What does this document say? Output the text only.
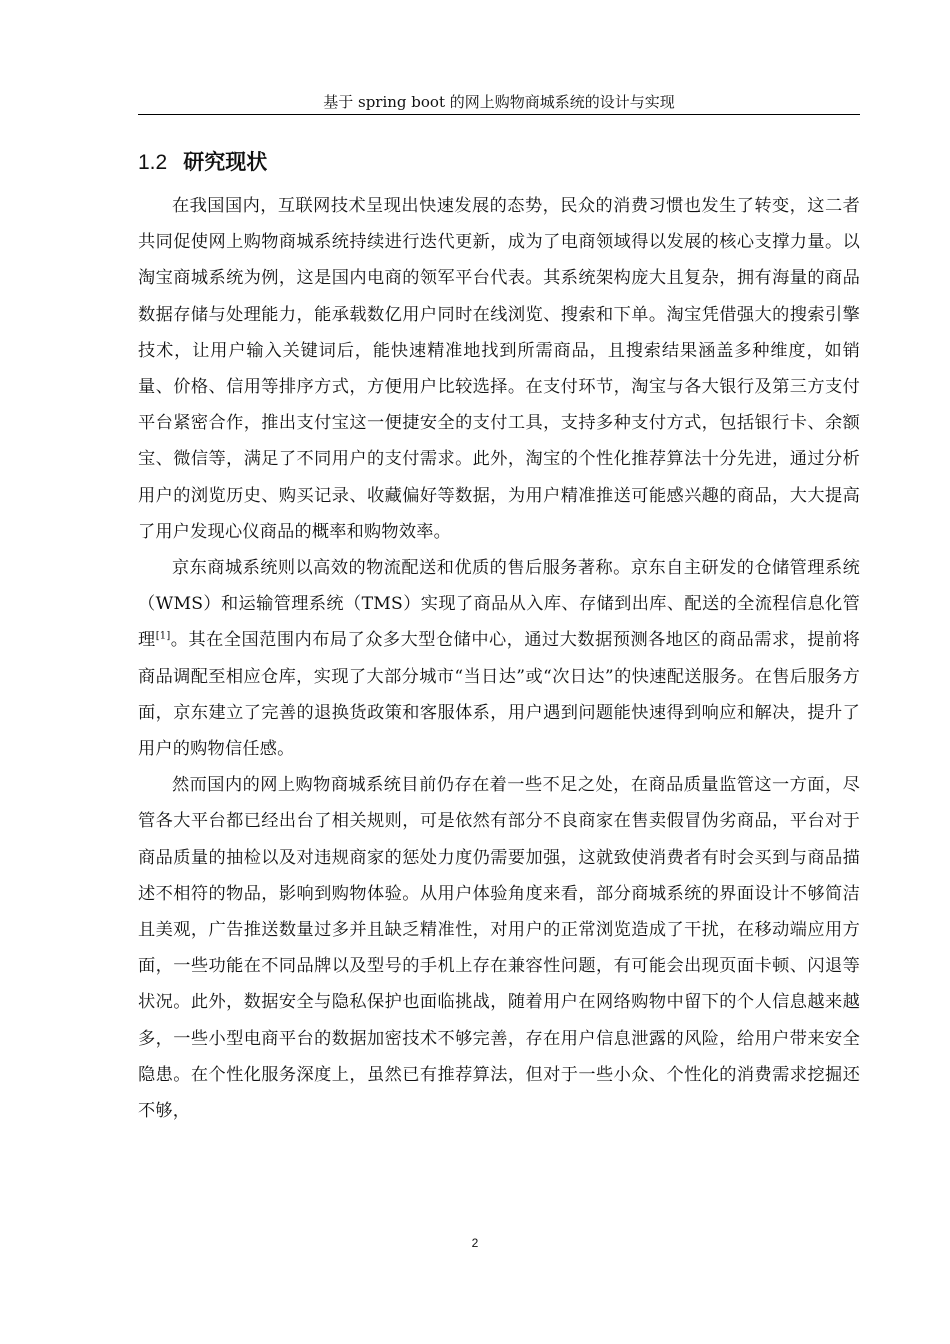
基于 spring boot 的网上购物商城系统的设计与实现
1.2 研究现状

在我国国内，互联网技术呈现出快速发展的态势，民众的消费习惯也发生了转变，这二者共同促使网上购物商城系统持续进行迭代更新，成为了电商领域得以发展的核心支撑力量。以淘宝商城系统为例，这是国内电商的领军平台代表。其系统架构庞大且复杂，拥有海量的商品数据存储与处理能力，能承载数亿用户同时在线浏览、搜索和下单。淘宝凭借强大的搜索引擎技术，让用户输入关键词后，能快速精准地找到所需商品，且搜索结果涵盖多种维度，如销量、价格、信用等排序方式，方便用户比较选择。在支付环节，淘宝与各大银行及第三方支付平台紧密合作，推出支付宝这一便捷安全的支付工具，支持多种支付方式，包括银行卡、余额宝、微信等，满足了不同用户的支付需求。此外，淘宝的个性化推荐算法十分先进，通过分析用户的浏览历史、购买记录、收藏偏好等数据，为用户精准推送可能感兴趣的商品，大大提高了用户发现心仪商品的概率和购物效率。

京东商城系统则以高效的物流配送和优质的售后服务著称。京东自主研发的仓储管理系统（WMS）和运输管理系统（TMS）实现了商品从入库、存储到出库、配送的全流程信息化管理[1]。其在全国范围内布局了众多大型仓储中心，通过大数据预测各地区的商品需求，提前将商品调配至相应仓库，实现了大部分城市“当日达”或“次日达”的快速配送服务。在售后服务方面，京东建立了完善的退换货政策和客服体系，用户遇到问题能快速得到响应和解决，提升了用户的购物信任感。

然而国内的网上购物商城系统目前仍存在着一些不足之处，在商品质量监管这一方面，尽管各大平台都已经出台了相关规则，可是依然有部分不良商家在售卖假冒伪劣商品，平台对于商品质量的抽检以及对违规商家的惩处力度仍需要加强，这就致使消费者有时会买到与商品描述不相符的物品，影响到购物体验。从用户体验角度来看，部分商城系统的界面设计不够简洁且美观，广告推送数量过多并且缺乏精准性，对用户的正常浏览造成了干扰，在移动端应用方面，一些功能在不同品牌以及型号的手机上存在兼容性问题，有可能会出现页面卡顿、闪退等状况。此外，数据安全与隐私保护也面临挑战，随着用户在网络购物中留下的个人信息越来越多，一些小型电商平台的数据加密技术不够完善，存在用户信息泄露的风险，给用户带来安全隐患。在个性化服务深度上，虽然已有推荐算法，但对于一些小众、个性化的消费需求挖掘还不够，

2
